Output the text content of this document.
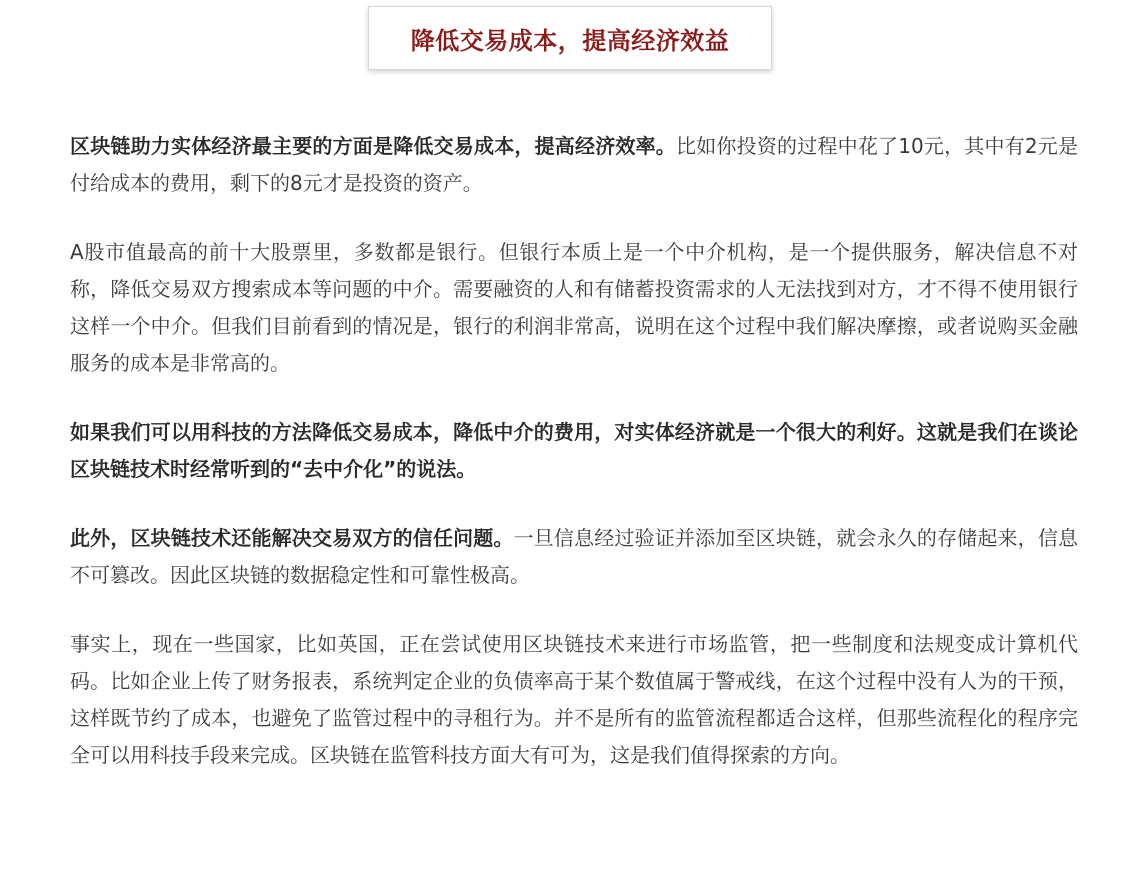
降低交易成本，提高经济效益

区块链助力实体经济最主要的方面是降低交易成本，提高经济效率。比如你投资的过程中花了10元，其中有2元是付给成本的费用，剩下的8元才是投资的资产。

A股市值最高的前十大股票里，多数都是银行。但银行本质上是一个中介机构，是一个提供服务，解决信息不对称，降低交易双方搜索成本等问题的中介。需要融资的人和有储蓄投资需求的人无法找到对方，才不得不使用银行这样一个中介。但我们目前看到的情况是，银行的利润非常高，说明在这个过程中我们解决摩擦，或者说购买金融服务的成本是非常高的。

如果我们可以用科技的方法降低交易成本，降低中介的费用，对实体经济就是一个很大的利好。这就是我们在谈论区块链技术时经常听到的“去中介化”的说法。

此外，区块链技术还能解决交易双方的信任问题。一旦信息经过验证并添加至区块链，就会永久的存储起来，信息不可篡改。因此区块链的数据稳定性和可靠性极高。

事实上，现在一些国家，比如英国，正在尝试使用区块链技术来进行市场监管，把一些制度和法规变成计算机代码。比如企业上传了财务报表，系统判定企业的负债率高于某个数值属于警戒线，在这个过程中没有人为的干预，这样既节约了成本，也避免了监管过程中的寻租行为。并不是所有的监管流程都适合这样，但那些流程化的程序完全可以用科技手段来完成。区块链在监管科技方面大有可为，这是我们值得探索的方向。
